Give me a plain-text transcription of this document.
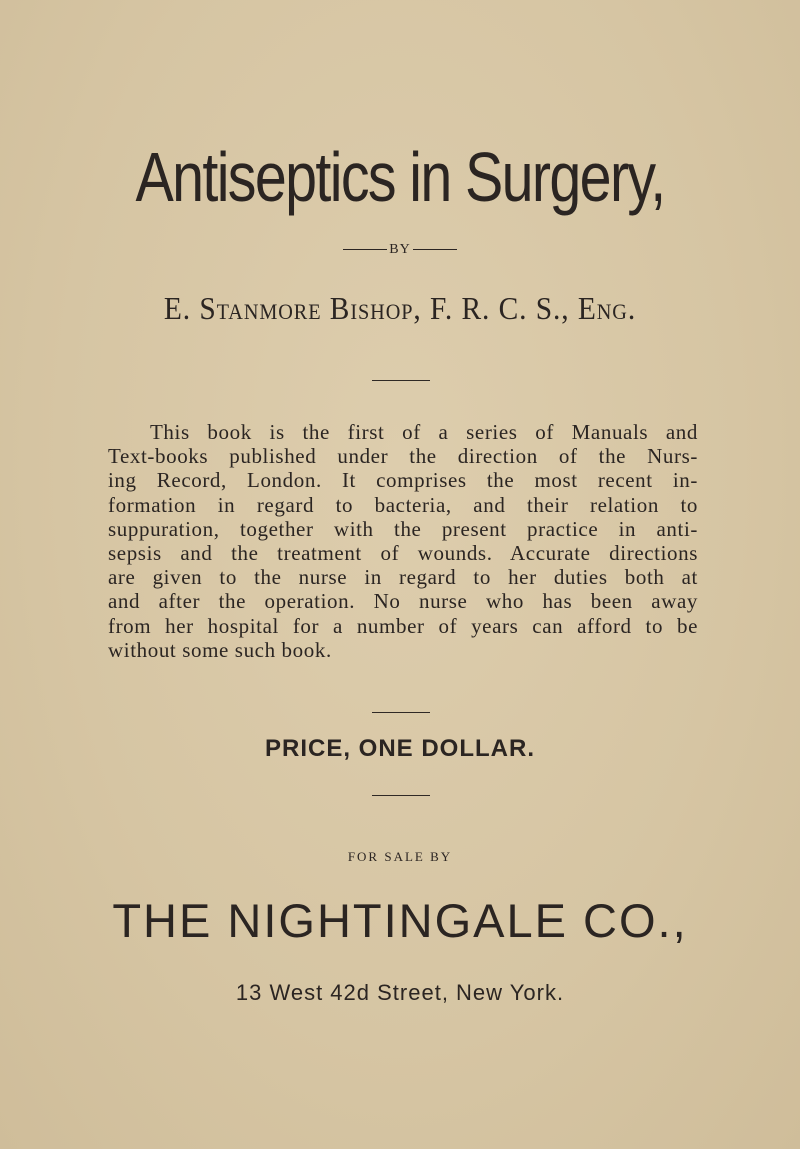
Antiseptics in Surgery,
BY
E. Stanmore Bishop, F. R. C. S., Eng.
This book is the first of a series of Manuals and
Text-books published under the direction of the Nurs-
ing Record, London. It comprises the most recent in-
formation in regard to bacteria, and their relation to
suppuration, together with the present practice in anti-
sepsis and the treatment of wounds. Accurate directions
are given to the nurse in regard to her duties both at
and after the operation. No nurse who has been away
from her hospital for a number of years can afford to be
without some such book.
PRICE, ONE DOLLAR.
FOR SALE BY
THE NIGHTINGALE CO.,
13 West 42d Street, New York.
